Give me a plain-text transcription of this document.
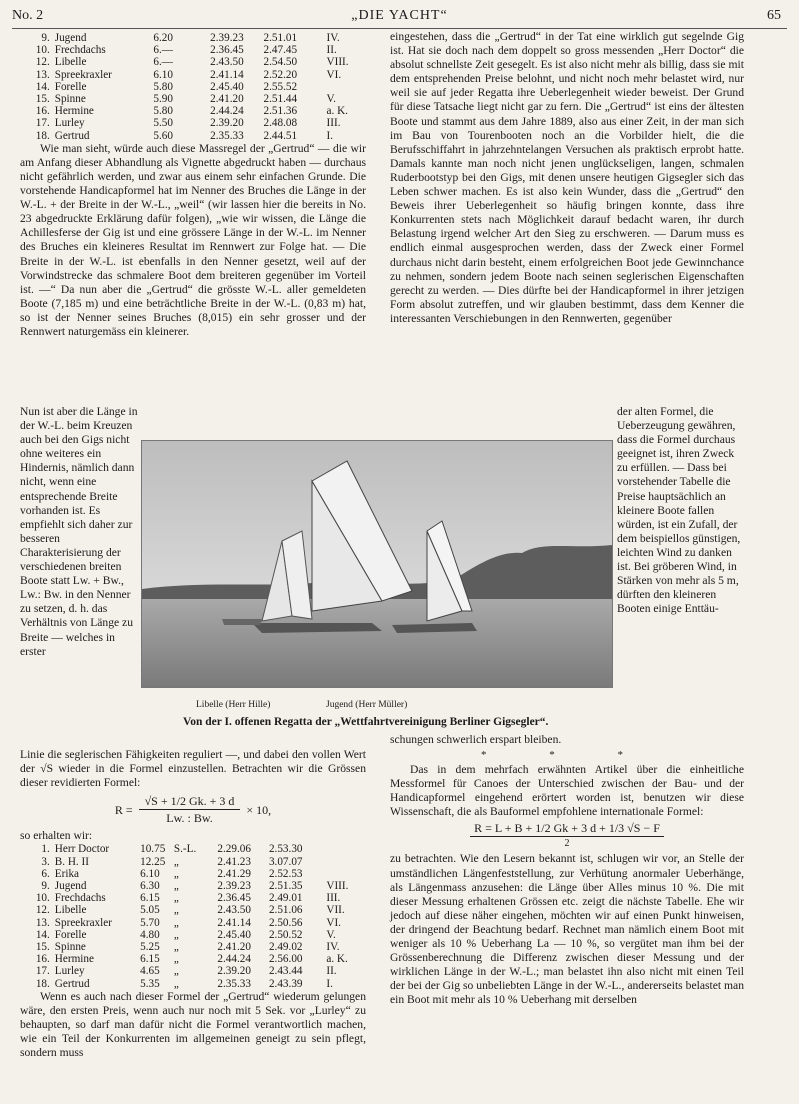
No. 2	„DIE YACHT“	65
9.	Jugend	6.20	2.39.23	2.51.01	IV.
10.	Frechdachs	6.—	2.36.45	2.47.45	II.
12.	Libelle	6.—	2.43.50	2.54.50	VIII.
13.	Spreekraxler	6.10	2.41.14	2.52.20	VI.
14.	Forelle	5.80	2.45.40	2.55.52	
15.	Spinne	5.90	2.41.20	2.51.44	V.
16.	Hermine	5.80	2.44.24	2.51.36	a. K.
17.	Lurley	5.50	2.39.20	2.48.08	III.
18.	Gertrud	5.60	2.35.33	2.44.51	I.

Wie man sieht, würde auch diese Massregel der „Gertrud“ — die wir am Anfang dieser Abhandlung als Vignette abgedruckt haben — durchaus nicht gefährlich werden, und zwar aus einem sehr einfachen Grunde. Die vorstehende Handicapformel hat im Nenner des Bruches die Länge in der W.-L. + der Breite in der W.-L., „weil“ (wir lassen hier die bereits in No. 23 abgedruckte Erklärung dafür folgen), „wie wir wissen, die Länge die Achillesferse der Gig ist und eine grössere Länge in der W.-L. im Nenner des Bruches ein kleineres Resultat im Rennwert zur Folge hat. — Die Breite in der W.-L. ist ebenfalls in den Nenner gesetzt, weil auf der Vorwindstrecke das schmalere Boot dem breiteren gegenüber im Vorteil ist. —“ Da nun aber die „Gertrud“ die grösste W.-L. aller gemeldeten Boote (7,185 m) und eine beträchtliche Breite in der W.-L. (0,83 m) hat, so ist der Nenner seines Bruches (8,015) ein sehr grosser und der Rennwert naturgemäss ein kleinerer.

eingestehen, dass die „Gertrud“ in der Tat eine wirklich gut segelnde Gig ist. Hat sie doch nach dem doppelt so gross messenden „Herr Doctor“ die absolut schnellste Zeit gesegelt. Es ist also nicht mehr als billig, dass sie mit dem entsprehenden Preise belohnt, und nicht noch mehr belastet wird, nur weil sie auf jeder Regatta ihre Ueberlegenheit wieder beweist. Der Grund für diese Tatsache liegt nicht gar zu fern. Die „Gertrud“ ist eins der ältesten Boote und stammt aus dem Jahre 1889, also aus einer Zeit, in der man sich im Bau von Tourenbooten noch an die Vorbilder hielt, die die Berufsschiffahrt in jahrzehntelangen Versuchen als praktisch erprobt hatte. Damals kannte man noch nicht jenen unglückseligen, langen, schmalen Ruderbootstyp bei den Gigs, mit denen unsere heutigen Gigsegler sich das Leben schwer machen. Es ist also kein Wunder, dass die „Gertrud“ den Beweis ihrer Ueberlegenheit so häufig bringen konnte, dass ihre Konkurrenten stets nach Möglichkeit darauf bedacht waren, ihr durch Belastung irgend welcher Art den Sieg zu erschweren. — Darum muss es endlich einmal ausgesprochen werden, dass der Zweck einer Formel durchaus nicht darin besteht, einem erfolgreichen Boot jede Gewinnchance zu nehmen, sondern jedem Boote nach seinen seglerischen Eigenschaften gerecht zu werden. — Dies dürfte bei der Handicapformel in ihrer jetzigen Form absolut zutreffen, und wir glauben bestimmt, dass dem Kenner die interessanten Verschiebungen in den Rennwerten, gegenüber

Nun ist aber die Länge in der W.-L. beim Kreuzen auch bei den Gigs nicht ohne weiteres ein Hindernis, nämlich dann nicht, wenn eine entsprechende Breite vorhanden ist. Es empfiehlt sich daher zur besseren Charakterisierung der verschiedenen breiten Boote statt Lw. + Bw., Lw.: Bw. in den Nenner zu setzen, d. h. das Verhältnis von Länge zu Breite — welches in erster
der alten Formel, die Ueberzeugung gewähren, dass die Formel durchaus geeignet ist, ihren Zweck zu erfüllen. — Dass bei vorstehender Tabelle die Preise hauptsächlich an kleinere Boote fallen würden, ist ein Zufall, der dem beispiellos günstigen, leichten Wind zu danken ist. Bei gröberen Wind, in Stärken von mehr als 5 m, dürften den kleineren Booten einige Enttäu-
Libelle (Herr Hille)	Jugend (Herr Müller)
Von der I. offenen Regatta der „Wettfahrtvereinigung Berliner Gigsegler“.

Linie die seglerischen Fähigkeiten reguliert —, und dabei den vollen Wert der √S wieder in die Formel einzustellen. Betrachten wir die Grössen dieser revidierten Formel:

R =	√S + 1/2 Gk. + 3 d	× 10,
Lw. : Bw.
so erhalten wir:
1.	Herr Doctor	10.75	S.-L.	2.29.06	2.53.30	
3.	B. H. II	12.25	„	2.41.23	3.07.07	
6.	Erika	6.10	„	2.41.29	2.52.53	
9.	Jugend	6.30	„	2.39.23	2.51.35	VIII.
10.	Frechdachs	6.15	„	2.36.45	2.49.01	III.
12.	Libelle	5.05	„	2.43.50	2.51.06	VII.
13.	Spreekraxler	5.70	„	2.41.14	2.50.56	VI.
14.	Forelle	4.80	„	2.45.40	2.50.52	V.
15.	Spinne	5.25	„	2.41.20	2.49.02	IV.
16.	Hermine	6.15	„	2.44.24	2.56.00	a. K.
17.	Lurley	4.65	„	2.39.20	2.43.44	II.
18.	Gertrud	5.35	„	2.35.33	2.43.39	I.

Wenn es auch nach dieser Formel der „Gertrud“ wiederum gelungen wäre, den ersten Preis, wenn auch nur noch mit 5 Sek. vor „Lurley“ zu behaupten, so darf man dafür nicht die Formel verantwortlich machen, wie ein Teil der Konkurrenten im allgemeinen geneigt zu sein pflegt, sondern muss

schungen schwerlich erspart bleiben.

* * *

Das in dem mehrfach erwähnten Artikel über die einheitliche Messformel für Canoes der Unterschied zwischen der Bau- und der Handicapformel eingehend erörtert worden ist, benutzen wir diese Wissenschaft, die als Bauformel empfohlene internationale Formel:

R = L + B + 1/2 Gk + 3 d + 1/3 √S − F
2

zu betrachten. Wie den Lesern bekannt ist, schlugen wir vor, an Stelle der umständlichen Längenfeststellung, zur Verhütung anormaler Ueberhänge, als Längenmass anzusehen: die Länge über Alles minus 10 %. Die mit dieser Messung erhaltenen Grössen etc. zeigt die nächste Tabelle. Ehe wir jedoch auf diese näher eingehen, möchten wir auf einen Punkt hinweisen, der dringend der Beachtung bedarf. Rechnet man nämlich einem Boot mit weniger als 10 % Ueberhang La — 10 %, so vergütet man ihm bei der Grössenberechnung die Differenz zwischen dieser Messung und der wirklichen Länge in der W.-L.; man belastet ihn also nicht mit einen Teil der bei der Gig so unbeliebten Länge in der W.-L., andererseits belastet man ein Boot mit mehr als 10 % Ueberhang mit derselben
